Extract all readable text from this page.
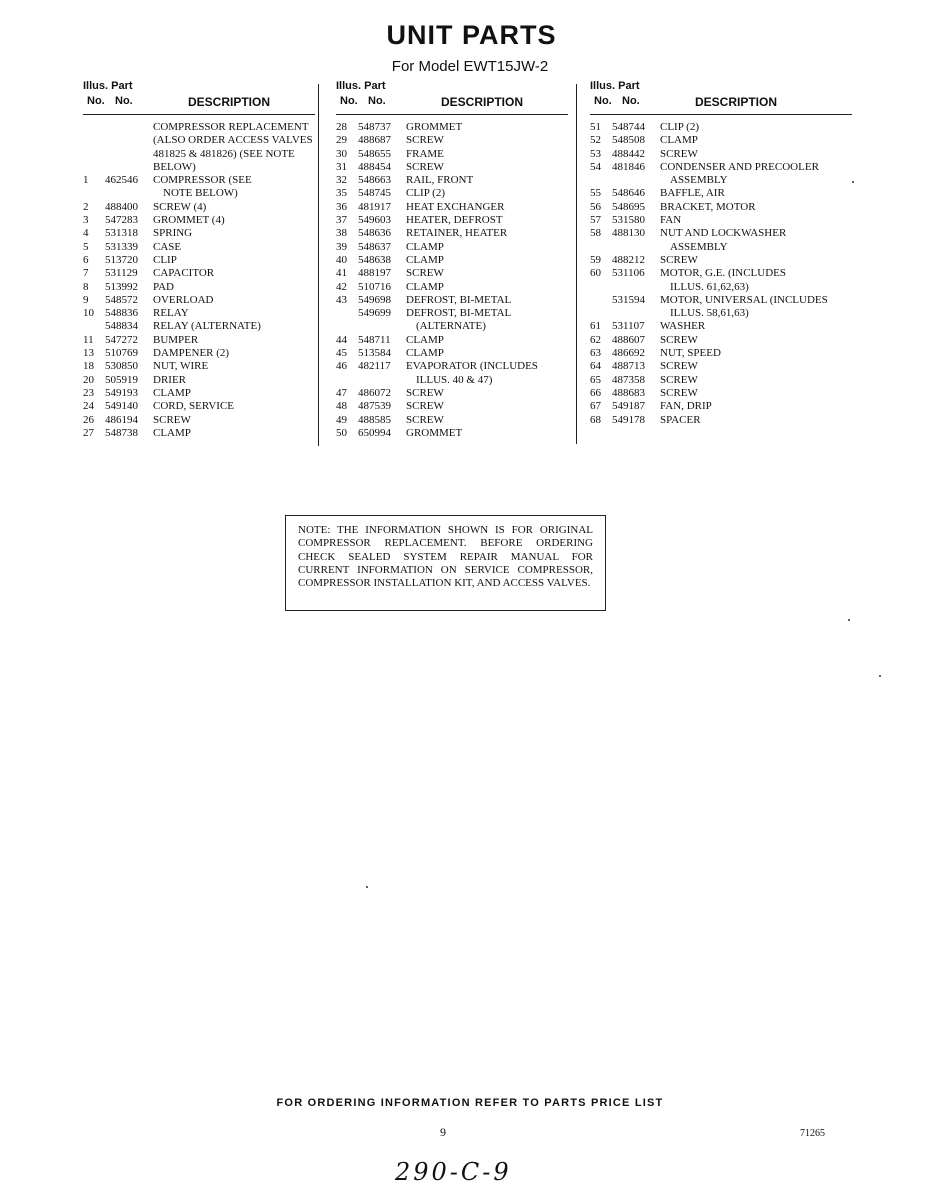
UNIT PARTS
For Model EWT15JW-2
Illus. Part
No. No.	DESCRIPTION
COMPRESSOR REPLACEMENT
(ALSO ORDER ACCESS VALVES
481825 & 481826) (SEE NOTE
BELOW)
1	462546	COMPRESSOR (SEE
NOTE BELOW)
2	488400	SCREW (4)
3	547283	GROMMET (4)
4	531318	SPRING
5	531339	CASE
6	513720	CLIP
7	531129	CAPACITOR
8	513992	PAD
9	548572	OVERLOAD
10	548836	RELAY
548834	RELAY (ALTERNATE)
11	547272	BUMPER
13	510769	DAMPENER (2)
18	530850	NUT, WIRE
20	505919	DRIER
23	549193	CLAMP
24	549140	CORD, SERVICE
26	486194	SCREW
27	548738	CLAMP
Illus. Part
No. No.	DESCRIPTION
28	548737	GROMMET
29	488687	SCREW
30	548655	FRAME
31	488454	SCREW
32	548663	RAIL, FRONT
35	548745	CLIP (2)
36	481917	HEAT EXCHANGER
37	549603	HEATER, DEFROST
38	548636	RETAINER, HEATER
39	548637	CLAMP
40	548638	CLAMP
41	488197	SCREW
42	510716	CLAMP
43	549698	DEFROST, BI-METAL
549699	DEFROST, BI-METAL
(ALTERNATE)
44	548711	CLAMP
45	513584	CLAMP
46	482117	EVAPORATOR (INCLUDES
ILLUS. 40 & 47)
47	486072	SCREW
48	487539	SCREW
49	488585	SCREW
50	650994	GROMMET
Illus. Part
No. No.	DESCRIPTION
51	548744	CLIP (2)
52	548508	CLAMP
53	488442	SCREW
54	481846	CONDENSER AND PRECOOLER
ASSEMBLY
55	548646	BAFFLE, AIR
56	548695	BRACKET, MOTOR
57	531580	FAN
58	488130	NUT AND LOCKWASHER
ASSEMBLY
59	488212	SCREW
60	531106	MOTOR, G.E. (INCLUDES
ILLUS. 61,62,63)
531594	MOTOR, UNIVERSAL (INCLUDES
ILLUS. 58,61,63)
61	531107	WASHER
62	488607	SCREW
63	486692	NUT, SPEED
64	488713	SCREW
65	487358	SCREW
66	488683	SCREW
67	549187	FAN, DRIP
68	549178	SPACER
NOTE: THE INFORMATION SHOWN IS FOR ORIGINAL COMPRESSOR REPLACEMENT. BEFORE ORDERING CHECK SEALED SYSTEM REPAIR MANUAL FOR CURRENT INFORMATION ON SERVICE COMPRESSOR, COMPRESSOR INSTALLATION KIT, AND ACCESS VALVES.
FOR ORDERING INFORMATION REFER TO PARTS PRICE LIST
9	71265
290-C-9
